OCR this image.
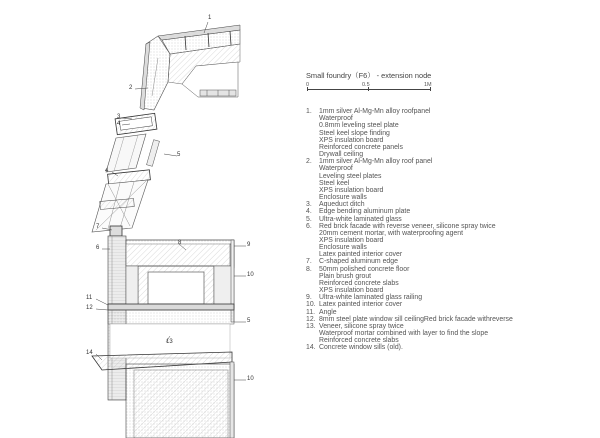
1
2
3
4
5
4
7
6
8	9
10
11
12
5
13
14
10
Small foundry（F6） - extension node
0	0.5	1M
1. 1mm silver Al-Mg-Mn alloy roofpanel
Waterproof
0.8mm leveling steel plate
Steel keel slope finding
XPS insulation board
Reinforced concrete panels
Drywall ceiling
2. 1mm silver Al-Mg-Mn alloy roof panel
Waterproof
Leveling steel plates
Steel keel
XPS insulation board
Enclosure walls
3. Aqueduct ditch
4. Edge bending aluminum plate
5. Ultra-white laminated glass
6. Red brick facade with reverse veneer, silicone spray twice
20mm cement mortar, with waterproofing agent
XPS insulation board
Enclosure walls
Latex painted interior cover
7. C-shaped aluminum edge
8. 50mm polished concrete floor
Plain brush grout
Reinforced concrete slabs
XPS insulation board
9. Ultra-white laminated glass railing
10. Latex painted interior cover
11. Angle
12. 8mm steel plate window sill ceilingRed brick facade withreverse
13. Veneer, silicone spray twice
Waterproof mortar combined with layer to find the slope
Reinforced concrete slabs
14. Concrete window sills (old).
